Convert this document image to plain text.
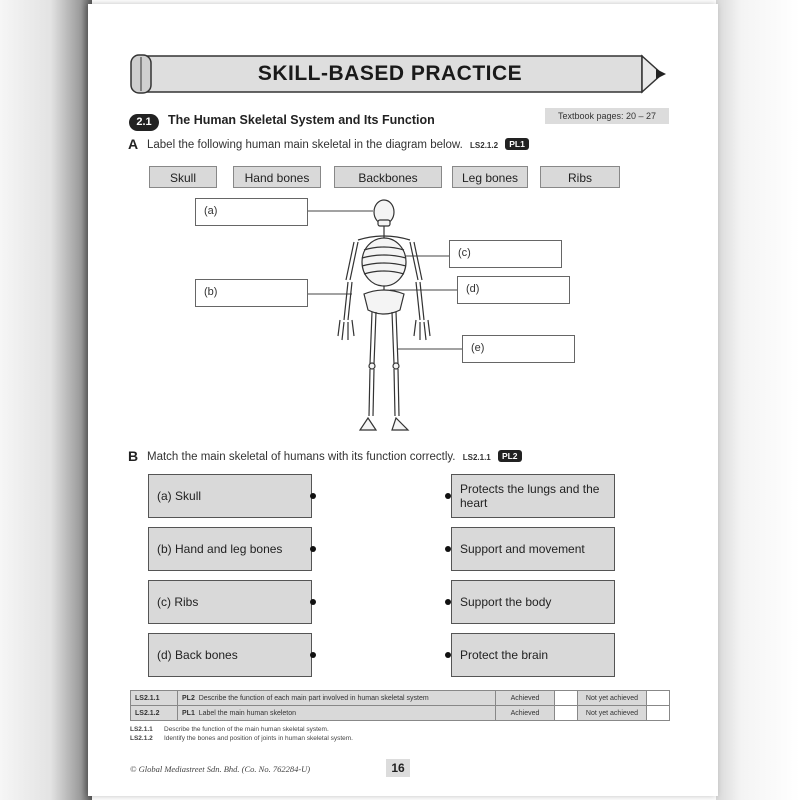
SKILL-BASED PRACTICE
2.1	The Human Skeletal System and Its Function	Textbook pages: 20 – 27
A Label the following human main skeletal in the diagram below. LS2.1.2 PL1
Skull	Hand bones	Backbones	Leg bones	Ribs
(a)
(b)
(c)
(d)
(e)
B Match the main skeletal of humans with its function correctly. LS2.1.1 PL2
(a)
Skull
(b)
Hand and leg bones
(c)
Ribs
(d)
Back bones
Protects the lungs and the heart
Support and movement
Support the body
Protect the brain
LS2.1.1	PL2 Describe the function of each main part involved in human skeletal system	Achieved		Not yet achieved	
LS2.1.2	PL1 Label the main human skeleton	Achieved		Not yet achieved	
LS2.1.1 Describe the function of the main human skeletal system.
LS2.1.2 Identify the bones and position of joints in human skeletal system.
© Global Mediastreet Sdn. Bhd. (Co. No. 762284-U)	16
